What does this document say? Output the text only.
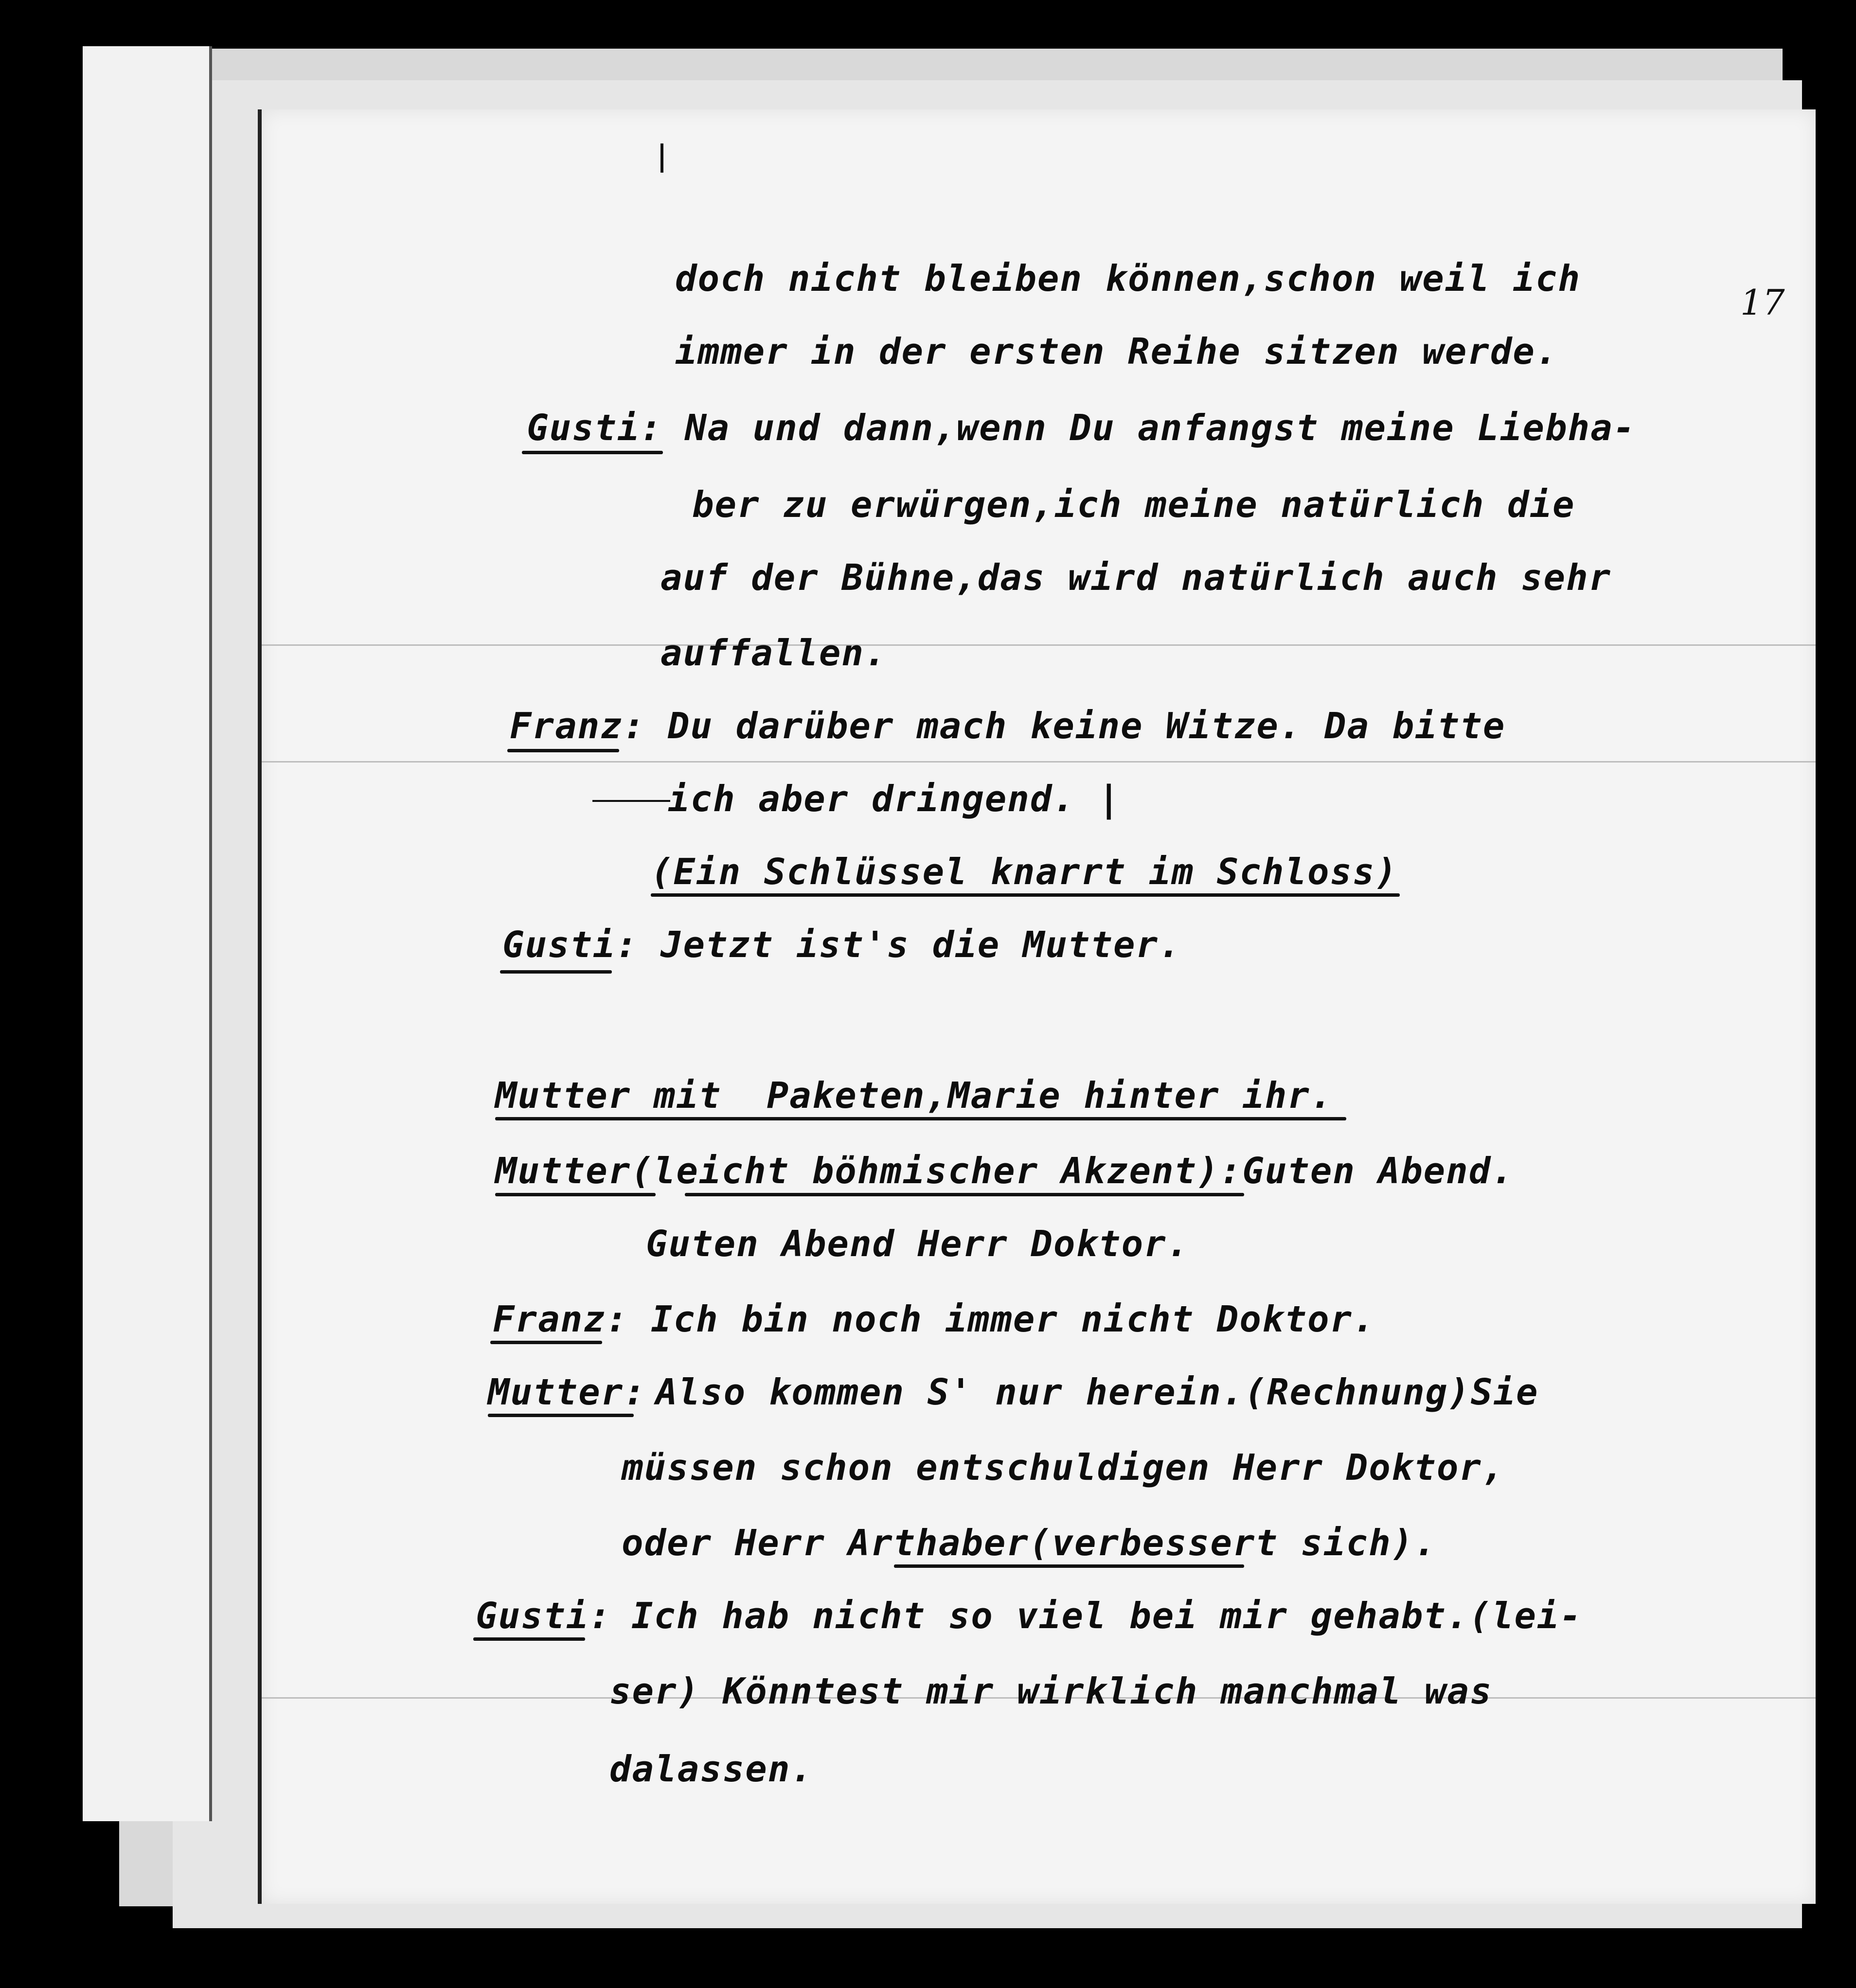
17
doch nicht bleiben können,schon weil ich
immer in der ersten Reihe sitzen werde.
Gusti: Na und dann,wenn Du anfangst meine Liebha-
ber zu erwürgen,ich meine natürlich die
auf der Bühne,das wird natürlich auch sehr
auffallen.
Franz: Du darüber mach keine Witze. Da bitte
ich aber dringend. |
(Ein Schlüssel knarrt im Schloss)
Gusti: Jetzt ist's die Mutter.
Mutter mit  Paketen,Marie hinter ihr.
Mutter(leicht böhmischer Akzent):Guten Abend.
Guten Abend Herr Doktor.
Franz: Ich bin noch immer nicht Doktor.
Mutter: Also kommen S' nur herein.(Rechnung)Sie
müssen schon entschuldigen Herr Doktor,
oder Herr Arthaber(verbessert sich).
Gusti: Ich hab nicht so viel bei mir gehabt.(lei-
ser) Könntest mir wirklich manchmal was
dalassen.
